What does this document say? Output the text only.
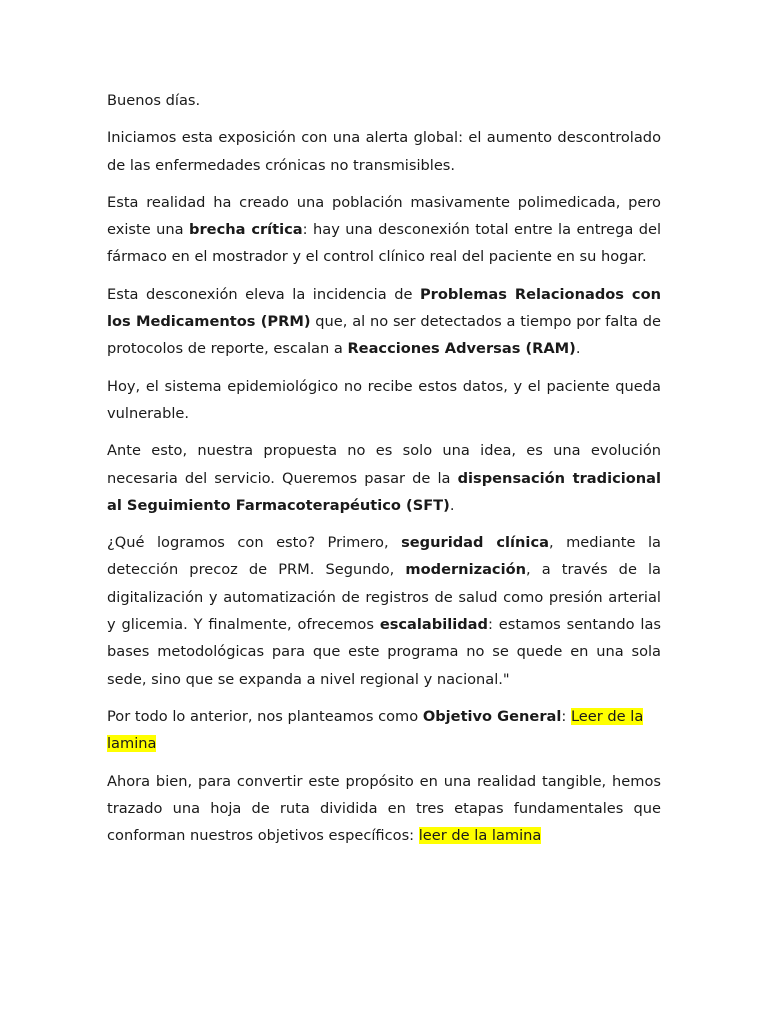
Buenos días.

Iniciamos esta exposición con una alerta global: el aumento descontrolado de las enfermedades crónicas no transmisibles.

Esta realidad ha creado una población masivamente polimedicada, pero existe una brecha crítica: hay una desconexión total entre la entrega del fármaco en el mostrador y el control clínico real del paciente en su hogar.

Esta desconexión eleva la incidencia de Problemas Relacionados con los Medicamentos (PRM) que, al no ser detectados a tiempo por falta de protocolos de reporte, escalan a Reacciones Adversas (RAM).

Hoy, el sistema epidemiológico no recibe estos datos, y el paciente queda vulnerable.

Ante esto, nuestra propuesta no es solo una idea, es una evolución necesaria del servicio. Queremos pasar de la dispensación tradicional al Seguimiento Farmacoterapéutico (SFT).

¿Qué logramos con esto? Primero, seguridad clínica, mediante la detección precoz de PRM. Segundo, modernización, a través de la digitalización y automatización de registros de salud como presión arterial y glicemia. Y finalmente, ofrecemos escalabilidad: estamos sentando las bases metodológicas para que este programa no se quede en una sola sede, sino que se expanda a nivel regional y nacional."

Por todo lo anterior, nos planteamos como Objetivo General: Leer de la lamina

Ahora bien, para convertir este propósito en una realidad tangible, hemos trazado una hoja de ruta dividida en tres etapas fundamentales que conforman nuestros objetivos específicos: leer de la lamina
